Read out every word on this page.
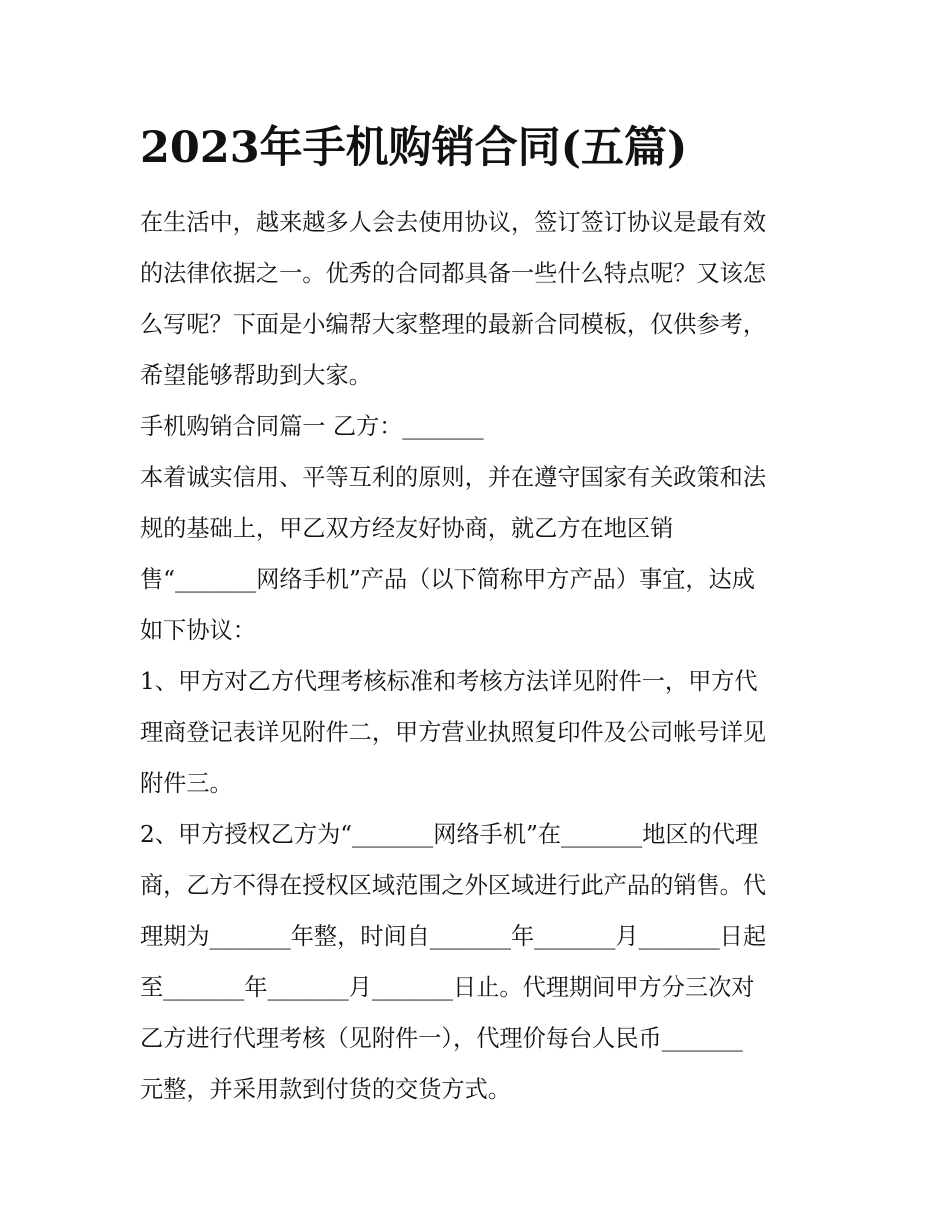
2023年手机购销合同(五篇)

在生活中，越来越多人会去使用协议，签订签订协议是最有效

的法律依据之一。优秀的合同都具备一些什么特点呢？又该怎

么写呢？下面是小编帮大家整理的最新合同模板，仅供参考，

希望能够帮助到大家。

手机购销合同篇一 乙方：_______

本着诚实信用、平等互利的原则，并在遵守国家有关政策和法

规的基础上，甲乙双方经友好协商，就乙方在地区销

售“_______网络手机”产品（以下简称甲方产品）事宜，达成

如下协议：

1、甲方对乙方代理考核标准和考核方法详见附件一，甲方代

理商登记表详见附件二，甲方营业执照复印件及公司帐号详见

附件三。

2、甲方授权乙方为“_______网络手机”在_______地区的代理

商，乙方不得在授权区域范围之外区域进行此产品的销售。代

理期为_______年整，时间自_______年_______月_______日起

至_______年_______月_______日止。代理期间甲方分三次对

乙方进行代理考核（见附件一），代理价每台人民币_______

元整，并采用款到付货的交货方式。
